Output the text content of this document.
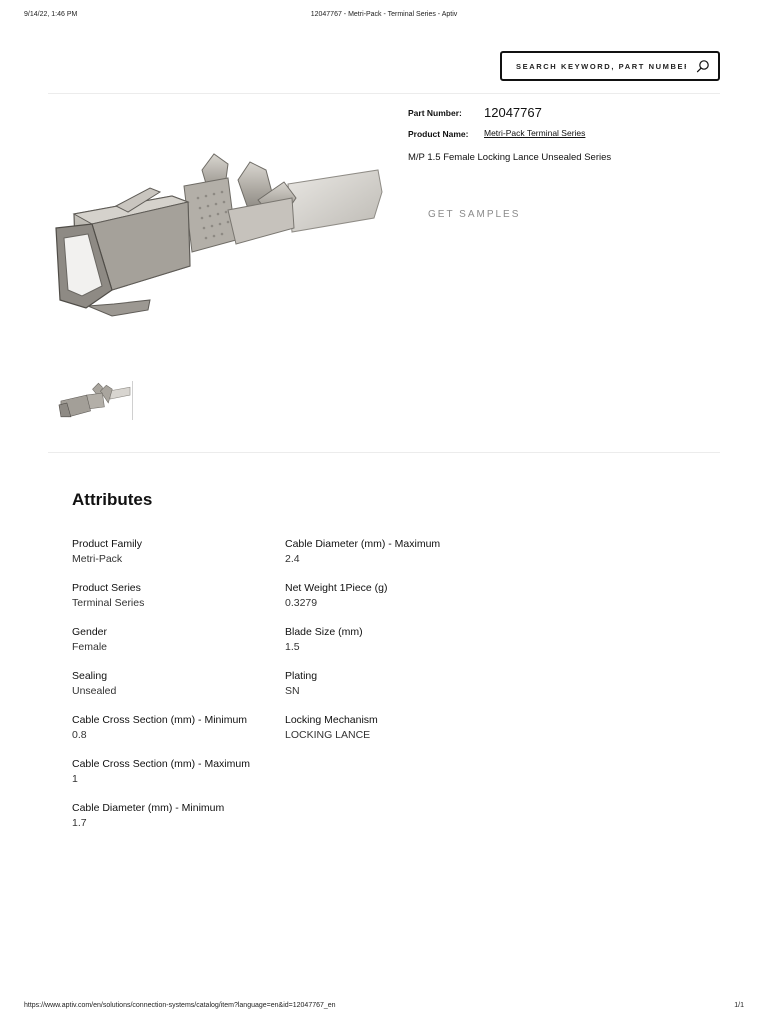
9/14/22, 1:46 PM	12047767 - Metri-Pack - Terminal Series - Aptiv
SEARCH KEYWORD, PART NUMBER
Part Number: 12047767
Product Name: Metri-Pack Terminal Series
M/P 1.5 Female Locking Lance Unsealed Series
GET SAMPLES
Attributes
Product Family
Metri-Pack
Product Series
Terminal Series
Gender
Female
Sealing
Unsealed
Cable Cross Section (mm) - Minimum
0.8
Cable Cross Section (mm) - Maximum
1
Cable Diameter (mm) - Minimum
1.7
Cable Diameter (mm) - Maximum
2.4
Net Weight 1Piece (g)
0.3279
Blade Size (mm)
1.5
Plating
SN
Locking Mechanism
LOCKING LANCE
https://www.aptiv.com/en/solutions/connection-systems/catalog/item?language=en&id=12047767_en	1/1
